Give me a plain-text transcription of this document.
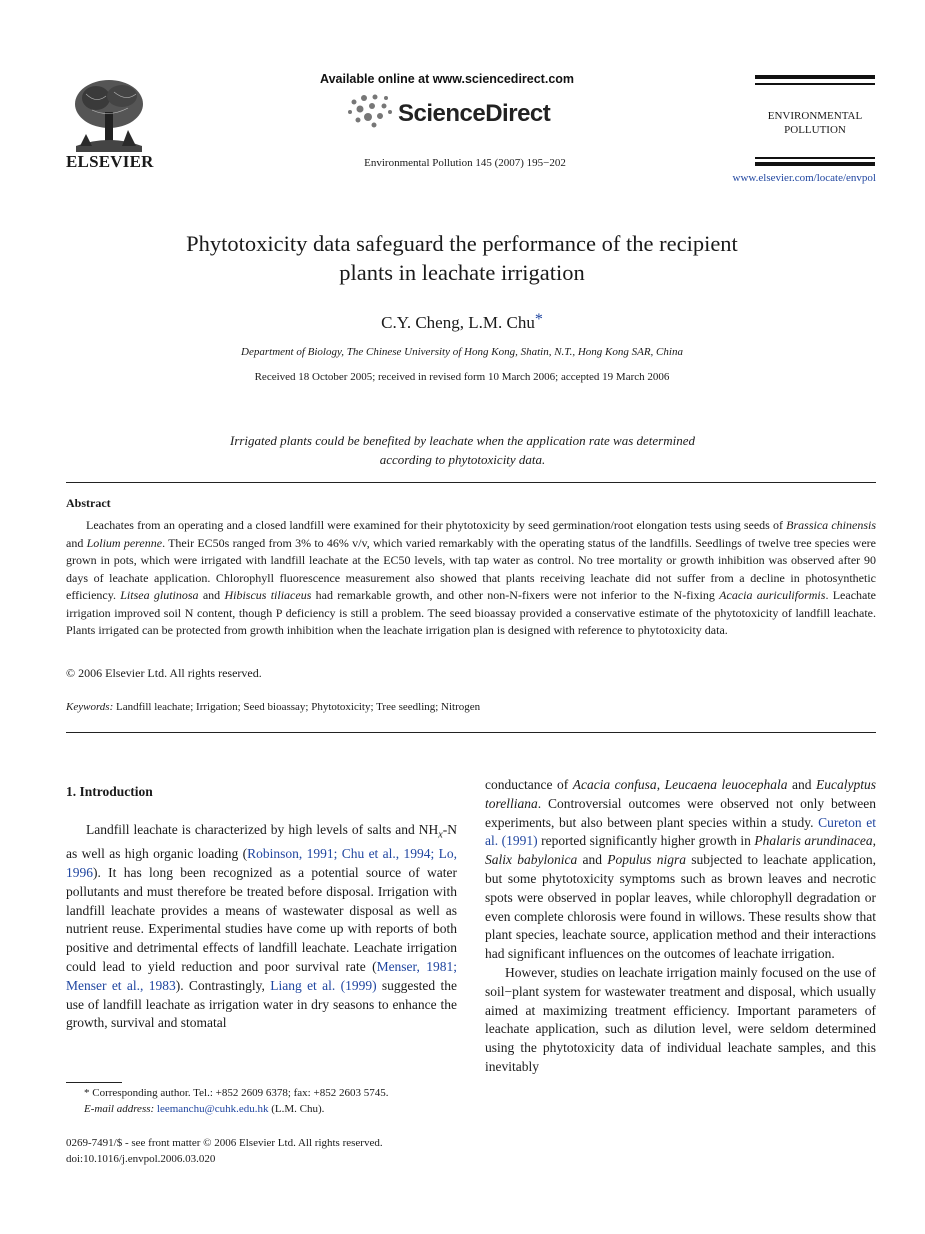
ELSEVIER
Available online at www.sciencedirect.com
ScienceDirect
Environmental Pollution 145 (2007) 195−202
ENVIRONMENTAL
POLLUTION
www.elsevier.com/locate/envpol
Phytotoxicity data safeguard the performance of the recipient
plants in leachate irrigation
C.Y. Cheng, L.M. Chu*
Department of Biology, The Chinese University of Hong Kong, Shatin, N.T., Hong Kong SAR, China
Received 18 October 2005; received in revised form 10 March 2006; accepted 19 March 2006
Irrigated plants could be benefited by leachate when the application rate was determined
according to phytotoxicity data.
Abstract
Leachates from an operating and a closed landfill were examined for their phytotoxicity by seed germination/root elongation tests using seeds of Brassica chinensis and Lolium perenne. Their EC50s ranged from 3% to 46% v/v, which varied remarkably with the operating status of the landfills. Seedlings of twelve tree species were grown in pots, which were irrigated with landfill leachate at the EC50 levels, with tap water as control. No tree mortality or growth inhibition was observed after 90 days of leachate application. Chlorophyll fluorescence measurement also showed that plants receiving leachate did not suffer from a decline in photosynthetic efficiency. Litsea glutinosa and Hibiscus tiliaceus had remarkable growth, and other non-N-fixers were not inferior to the N-fixing Acacia auriculiformis. Leachate irrigation improved soil N content, though P deficiency is still a problem. The seed bioassay provided a conservative estimate of the phytotoxicity of landfill leachate. Plants irrigated can be protected from growth inhibition when the leachate irrigation plan is designed with reference to phytotoxicity data.
© 2006 Elsevier Ltd. All rights reserved.
Keywords: Landfill leachate; Irrigation; Seed bioassay; Phytotoxicity; Tree seedling; Nitrogen
1. Introduction

Landfill leachate is characterized by high levels of salts and $NH_x-N$ as well as high organic loading (Robinson, 1991; Chu et al., 1994; Lo, 1996). It has long been recognized as a potential source of water pollutants and must therefore be treated before disposal. Irrigation with landfill leachate provides a means of wastewater disposal as well as nutrient reuse. Experimental studies have come up with reports of both positive and detrimental effects of landfill leachate. Leachate irrigation could lead to yield reduction and poor survival rate (Menser, 1981; Menser et al., 1983). Contrastingly, Liang et al. (1999) suggested the use of landfill leachate as irrigation water in dry seasons to enhance the growth, survival and stomatal

conductance of Acacia confusa, Leucaena leuocephala and Eucalyptus torelliana. Controversial outcomes were observed not only between experiments, but also between plant species within a study. Cureton et al. (1991) reported significantly higher growth in Phalaris arundinacea, Salix babylonica and Populus nigra subjected to leachate application, but some phytotoxicity symptoms such as brown leaves and necrotic spots were observed in poplar leaves, while chlorophyll degradation or even complete chlorosis were found in willows. These results show that plant species, leachate source, application method and their interactions had significant influences on the outcomes of leachate irrigation.

However, studies on leachate irrigation mainly focused on the use of soil−plant system for wastewater treatment and disposal, which usually aimed at maximizing treatment efficiency. Important parameters of leachate application, such as dilution level, were seldom determined using the phytotoxicity data of individual leachate samples, and this inevitably

* Corresponding author. Tel.: +852 2609 6378; fax: +852 2603 5745.
E-mail address: leemanchu@cuhk.edu.hk (L.M. Chu).
0269-7491/$ - see front matter © 2006 Elsevier Ltd. All rights reserved.
doi:10.1016/j.envpol.2006.03.020
